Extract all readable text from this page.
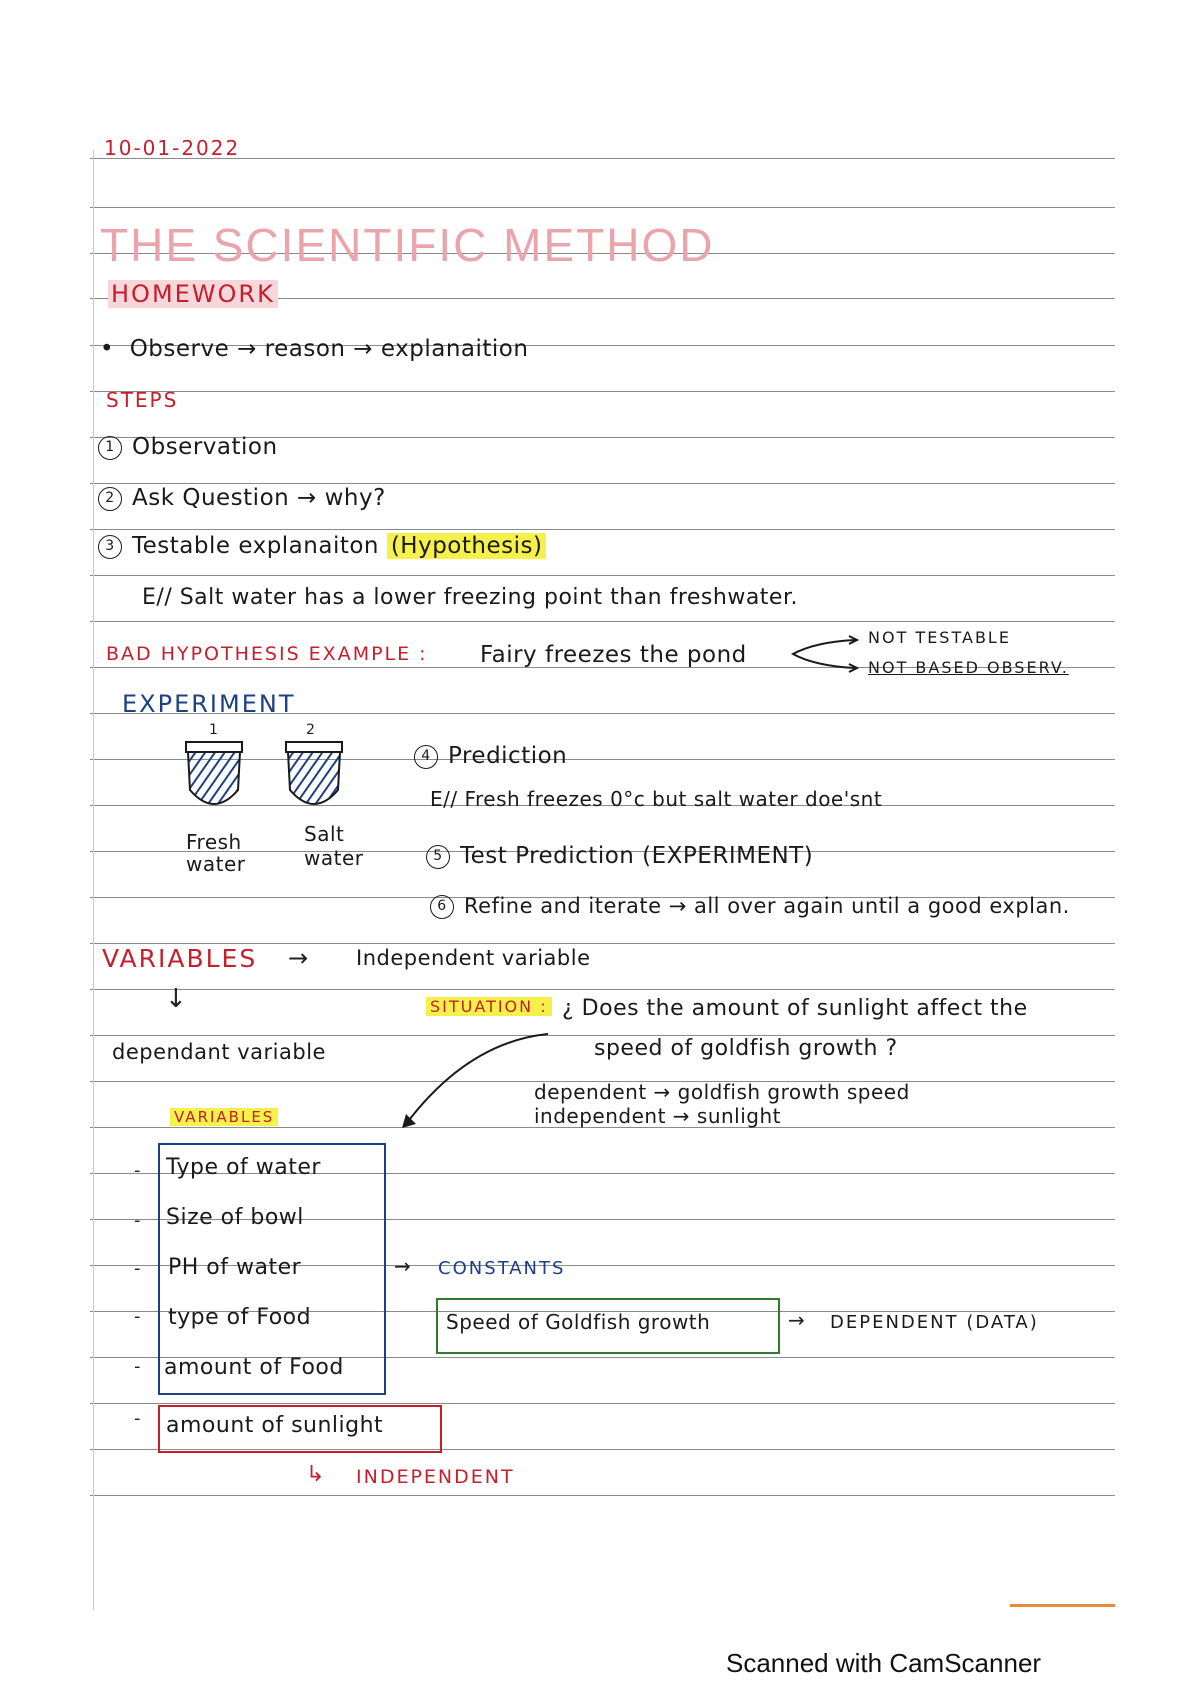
10-01-2022
THE SCIENTIFIC METHOD
HOMEWORK
•  Observe → reason → explanaition
STEPS
1 Observation
2 Ask Question → why?
3 Testable explanaiton (Hypothesis)
E// Salt water has a lower freezing point than freshwater.
BAD HYPOTHESIS EXAMPLE : Fairy freezes the pond
NOT TESTABLE
NOT BASED OBSERV.
EXPERIMENT
1	2
Fresh
water
Salt
water
4 Prediction
E// Fresh freezes 0°c but salt water doe'snt
5 Test Prediction (EXPERIMENT)
6 Refine and iterate → all over again until a good explan.
VARIABLES → Independent variable
↓
dependant variable
SITUATION : ¿ Does the amount of sunlight affect the
speed of goldfish growth ?
dependent → goldfish growth speed
independent → sunlight
VARIABLES
-
-
-
-
-
-
Type of water
Size of bowl
PH of water
type of Food
amount of Food
→ CONSTANTS
Speed of Goldfish growth	→ DEPENDENT (DATA)
amount of sunlight
↳ INDEPENDENT
Scanned with CamScanner
